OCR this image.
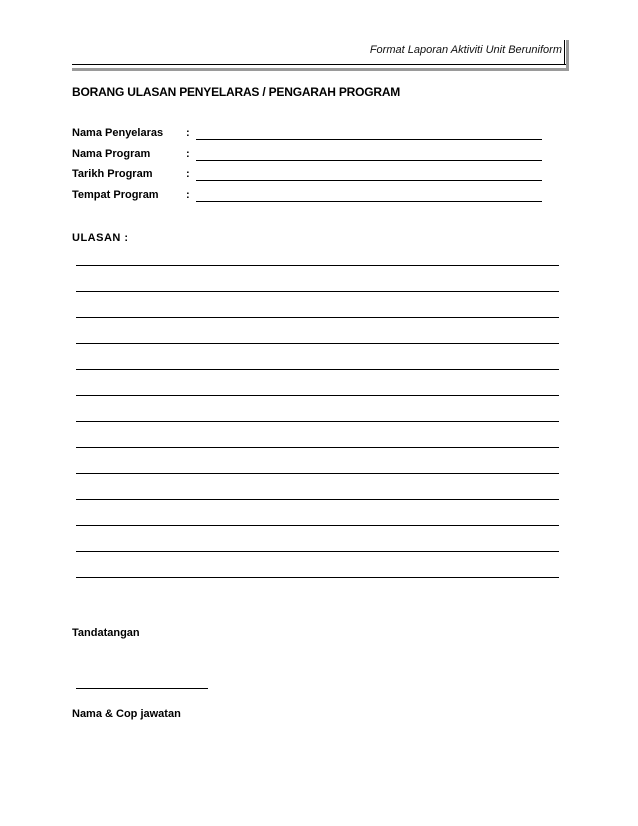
Format Laporan Aktiviti Unit Beruniform
BORANG ULASAN PENYELARAS / PENGARAH PROGRAM
Nama Penyelaras :
Nama Program	:
Tarikh Program	:
Tempat Program :
ULASAN :
Tandatangan
Nama & Cop jawatan
